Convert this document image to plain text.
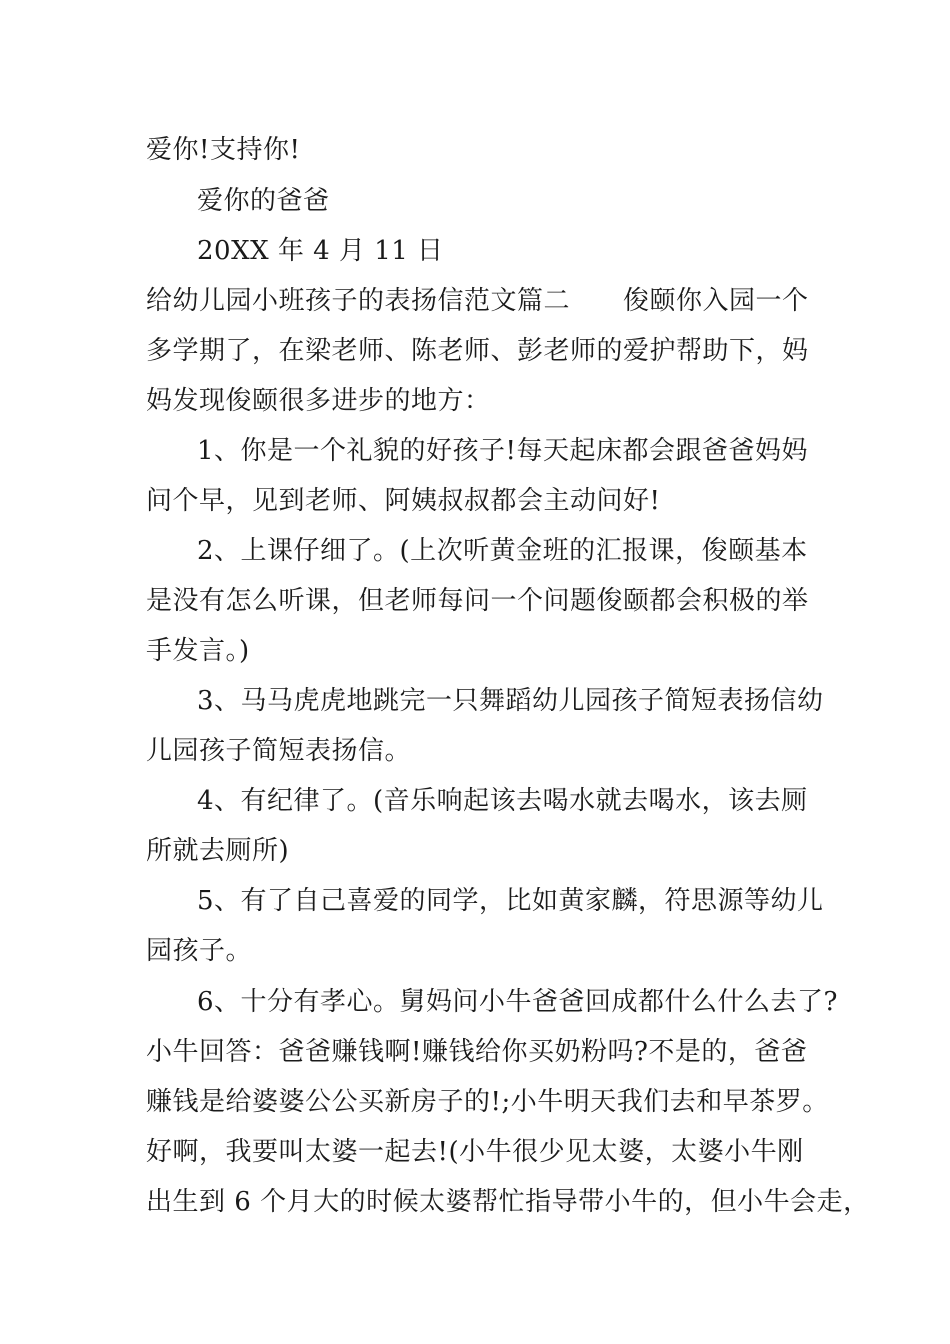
爱你!支持你!
爱你的爸爸
20XX 年 4 月 11 日
给幼儿园小班孩子的表扬信范文篇二　　俊颐你入园一个
多学期了，在梁老师、陈老师、彭老师的爱护帮助下，妈
妈发现俊颐很多进步的地方：
1、你是一个礼貌的好孩子!每天起床都会跟爸爸妈妈
问个早，见到老师、阿姨叔叔都会主动问好!
2、上课仔细了。(上次听黄金班的汇报课，俊颐基本
是没有怎么听课，但老师每问一个问题俊颐都会积极的举
手发言。)
3、马马虎虎地跳完一只舞蹈幼儿园孩子简短表扬信幼
儿园孩子简短表扬信。
4、有纪律了。(音乐响起该去喝水就去喝水，该去厕
所就去厕所)
5、有了自己喜爱的同学，比如黄家麟，符思源等幼儿
园孩子。
6、十分有孝心。舅妈问小牛爸爸回成都什么什么去了?
小牛回答：爸爸赚钱啊!赚钱给你买奶粉吗?不是的，爸爸
赚钱是给婆婆公公买新房子的!;小牛明天我们去和早茶罗。
好啊，我要叫太婆一起去!(小牛很少见太婆，太婆小牛刚
出生到 6 个月大的时候太婆帮忙指导带小牛的，但小牛会走，
